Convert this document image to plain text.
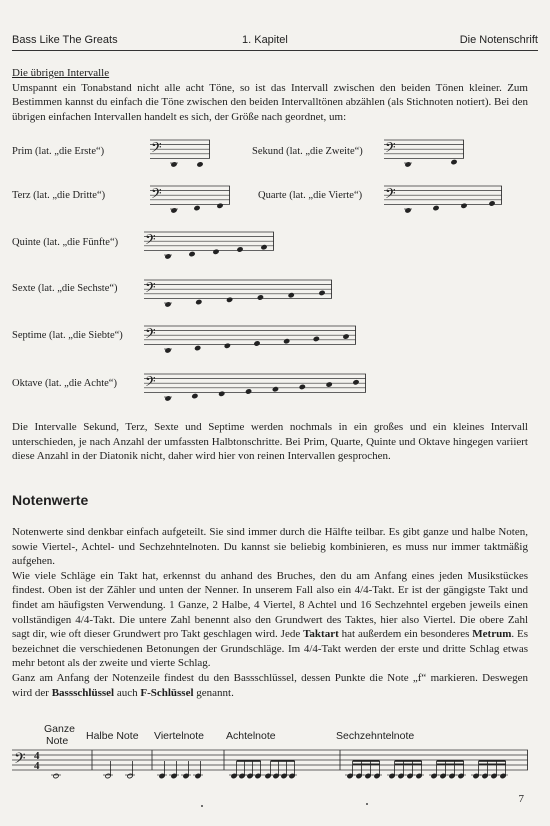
Bass Like The Greats	1. Kapitel	Die Notenschrift
Die übrigen Intervalle
Umspannt ein Tonabstand nicht alle acht Töne, so ist das Intervall zwischen den beiden Tönen kleiner. Zum Bestimmen kannst du einfach die Töne zwischen den beiden Intervalltönen abzählen (als Stichnoten notiert). Bei den übrigen einfachen Intervallen handelt es sich, der Größe nach geordnet, um:
Prim (lat. „die Erste“)	Sekund (lat. „die Zweite“)
Terz (lat. „die Dritte“)	Quarte (lat. „die Vierte“)
Quinte (lat. „die Fünfte“)
Sexte (lat. „die Sechste“)
Septime (lat. „die Siebte“)
Oktave (lat. „die Achte“)
𝄢	𝄢
𝄢	𝄢
𝄢
𝄢
𝄢
𝄢
Die Intervalle Sekund, Terz, Sexte und Septime werden nochmals in ein großes und ein kleines Intervall unterschieden, je nach Anzahl der umfassten Halbtonschritte. Bei Prim, Quarte, Quinte und Oktave hingegen variiert diese Anzahl in der Diatonik nicht, daher wird hier von reinen Intervallen gesprochen.
Notenwerte
Notenwerte sind denkbar einfach aufgeteilt. Sie sind immer durch die Hälfte teilbar. Es gibt ganze und halbe Noten, sowie Viertel-, Achtel- und Sechzehntelnoten. Du kannst sie beliebig kombinieren, es muss nur immer taktmäßig aufgehen.
Wie viele Schläge ein Takt hat, erkennst du anhand des Bruches, den du am Anfang eines jeden Musikstückes findest. Oben ist der Zähler und unten der Nenner. In unserem Fall also ein 4/4-Takt. Er ist der gängigste Takt und findet am häufigsten Verwendung. 1 Ganze, 2 Halbe, 4 Viertel, 8 Achtel und 16 Sechzehntel ergeben jeweils einen vollständigen 4/4-Takt. Die untere Zahl benennt also den Grundwert des Taktes, hier also Viertel. Die obere Zahl sagt dir, wie oft dieser Grundwert pro Takt geschlagen wird. Jede Taktart hat außerdem ein besonderes Metrum. Es bezeichnet die verschiedenen Betonungen der Grundschläge. Im 4/4-Takt werden der erste und dritte Schlag etwas mehr betont als der zweite und vierte Schlag.
Ganz am Anfang der Notenzeile findest du den Bassschlüssel, dessen Punkte die Note „f“ markieren. Deswegen wird der Bassschlüssel auch F-Schlüssel genannt.
Ganze
Note Halbe Note Viertelnote Achtelnote	Sechzehntelnote
𝄢 4
4
7
